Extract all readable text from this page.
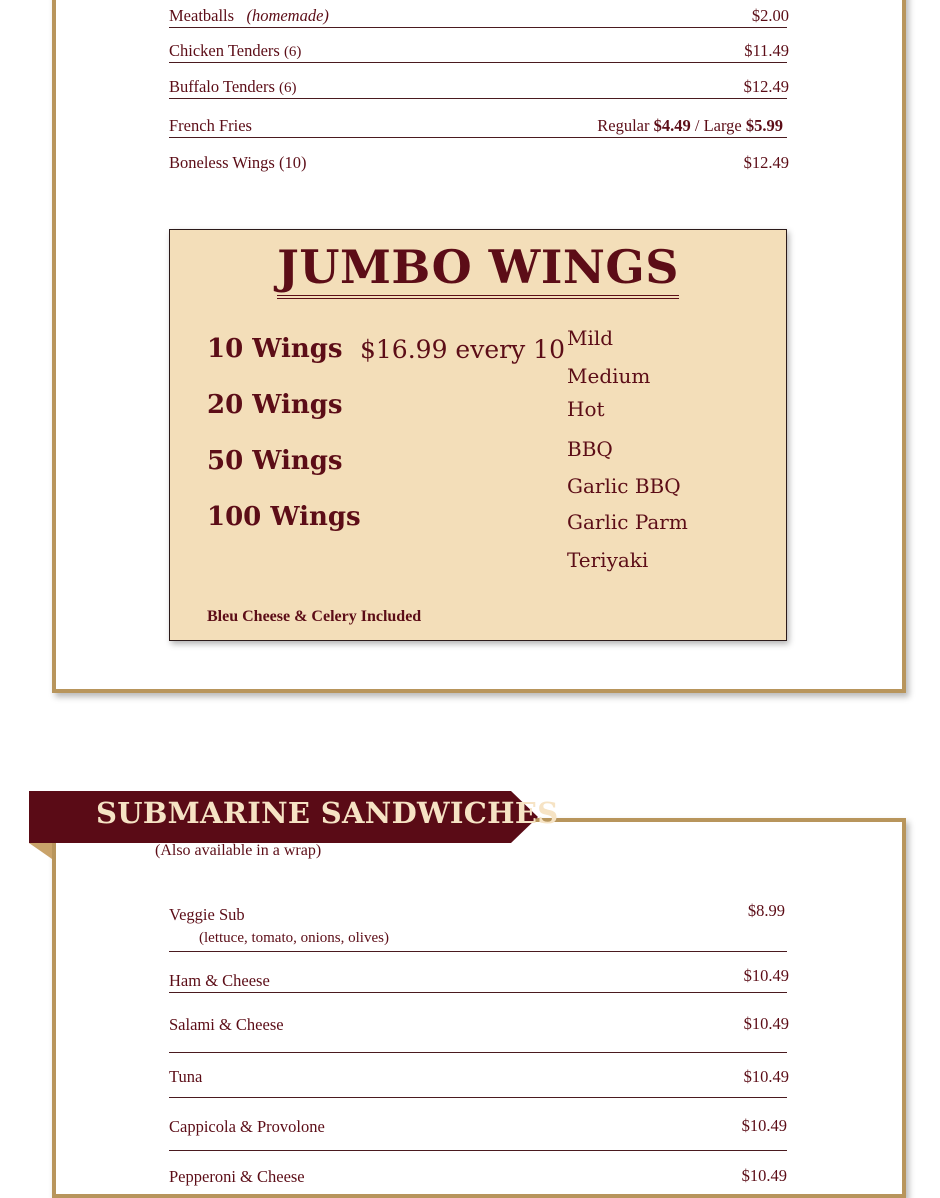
Meatballs (homemade)	$2.00
Chicken Tenders (6)	$11.49
Buffalo Tenders (6)	$12.49
French Fries	Regular $4.49 / Large $5.99
Boneless Wings (10)	$12.49
JUMBO WINGS
10 Wings
20 Wings
50 Wings
100 Wings
$16.99 every 10 Mild
Medium
Hot
BBQ
Garlic BBQ
Garlic Parm
Teriyaki
Bleu Cheese & Celery Included
SUBMARINE SANDWICHES
(Also available in a wrap)
Veggie Sub	$8.99
(lettuce, tomato, onions, olives)
Ham & Cheese	$10.49
Salami & Cheese	$10.49
Tuna	$10.49
Cappicola & Provolone	$10.49
Pepperoni & Cheese	$10.49
